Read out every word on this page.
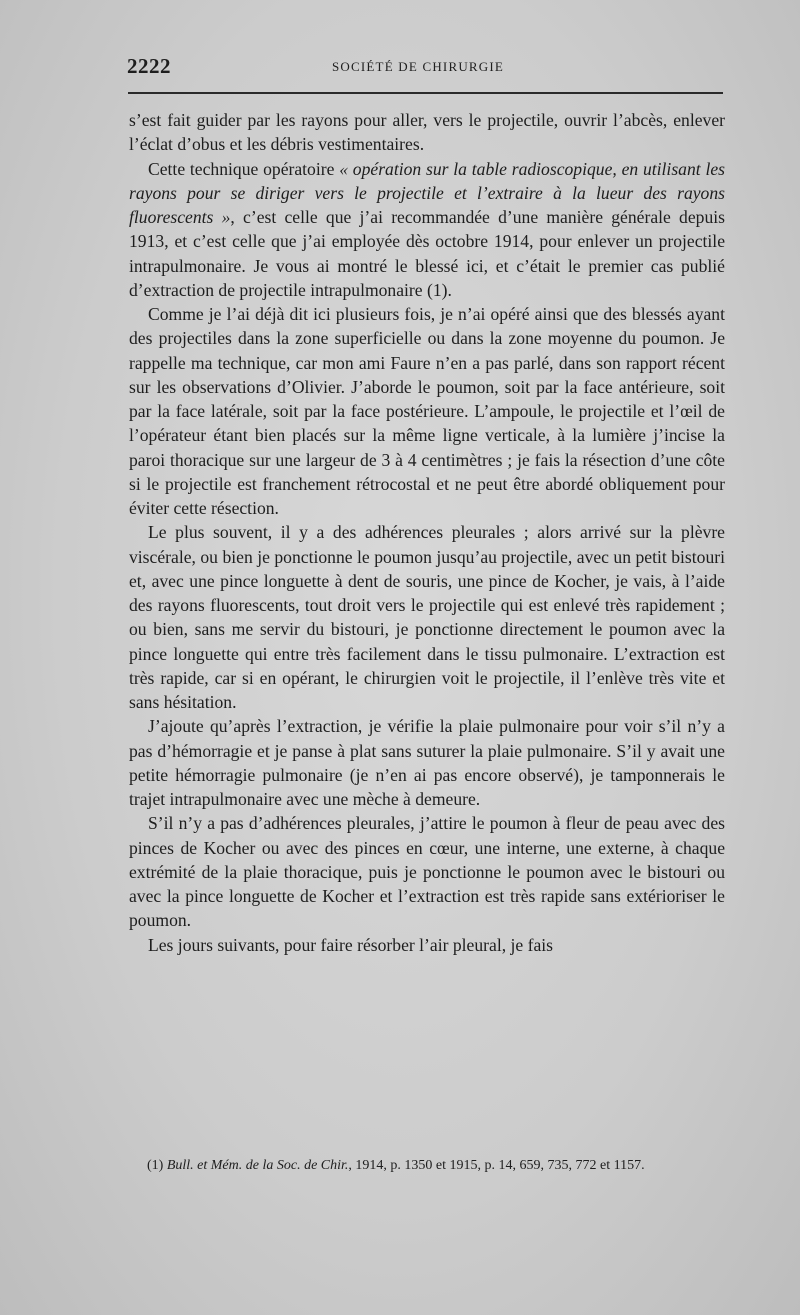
2222	SOCIÉTÉ DE CHIRURGIE

s’est fait guider par les rayons pour aller, vers le projectile, ouvrir l’abcès, enlever l’éclat d’obus et les débris vestimentaires.

Cette technique opératoire « opération sur la table radioscopique, en utilisant les rayons pour se diriger vers le projectile et l’extraire à la lueur des rayons fluorescents », c’est celle que j’ai recommandée d’une manière générale depuis 1913, et c’est celle que j’ai employée dès octobre 1914, pour enlever un projectile intrapulmonaire. Je vous ai montré le blessé ici, et c’était le premier cas publié d’extraction de projectile intrapulmonaire (1).

Comme je l’ai déjà dit ici plusieurs fois, je n’ai opéré ainsi que des blessés ayant des projectiles dans la zone superficielle ou dans la zone moyenne du poumon. Je rappelle ma technique, car mon ami Faure n’en a pas parlé, dans son rapport récent sur les observations d’Olivier. J’aborde le poumon, soit par la face antérieure, soit par la face latérale, soit par la face postérieure. L’ampoule, le projectile et l’œil de l’opérateur étant bien placés sur la même ligne verticale, à la lumière j’incise la paroi thoracique sur une largeur de 3 à 4 centimètres ; je fais la résection d’une côte si le projectile est franchement rétrocostal et ne peut être abordé obliquement pour éviter cette résection.

Le plus souvent, il y a des adhérences pleurales ; alors arrivé sur la plèvre viscérale, ou bien je ponctionne le poumon jusqu’au projectile, avec un petit bistouri et, avec une pince longuette à dent de souris, une pince de Kocher, je vais, à l’aide des rayons fluorescents, tout droit vers le projectile qui est enlevé très rapidement ; ou bien, sans me servir du bistouri, je ponctionne directement le poumon avec la pince longuette qui entre très facilement dans le tissu pulmonaire. L’extraction est très rapide, car si en opérant, le chirurgien voit le projectile, il l’enlève très vite et sans hésitation.

J’ajoute qu’après l’extraction, je vérifie la plaie pulmonaire pour voir s’il n’y a pas d’hémorragie et je panse à plat sans suturer la plaie pulmonaire. S’il y avait une petite hémorragie pulmonaire (je n’en ai pas encore observé), je tamponnerais le trajet intrapulmonaire avec une mèche à demeure.

S’il n’y a pas d’adhérences pleurales, j’attire le poumon à fleur de peau avec des pinces de Kocher ou avec des pinces en cœur, une interne, une externe, à chaque extrémité de la plaie thoracique, puis je ponctionne le poumon avec le bistouri ou avec la pince longuette de Kocher et l’extraction est très rapide sans extérioriser le poumon.

Les jours suivants, pour faire résorber l’air pleural, je fais

(1) Bull. et Mém. de la Soc. de Chir., 1914, p. 1350 et 1915, p. 14, 659, 735, 772 et 1157.
